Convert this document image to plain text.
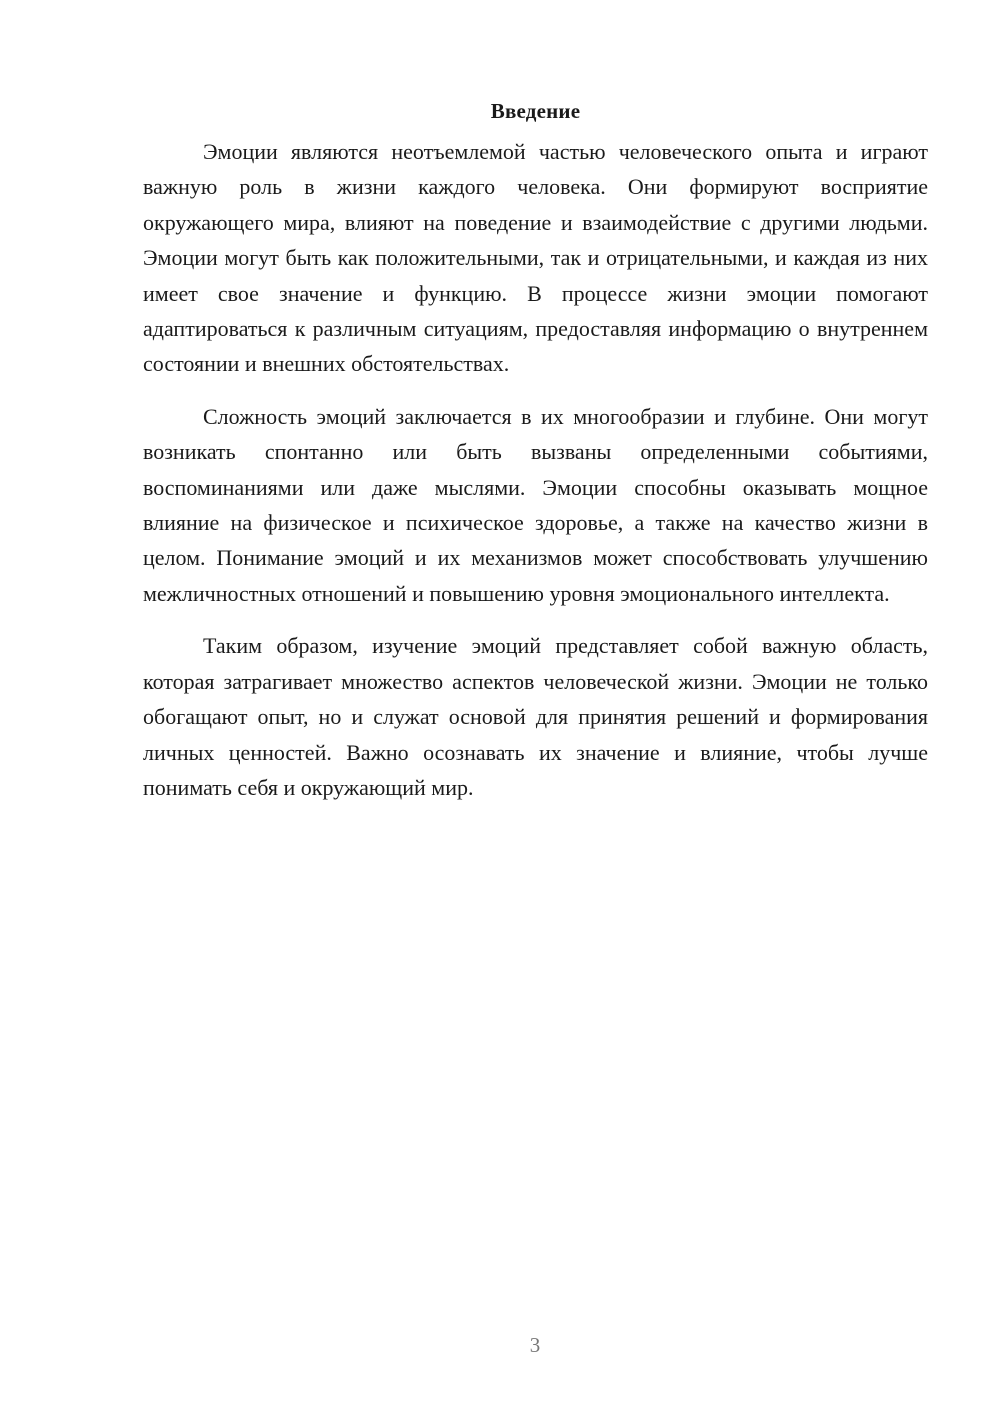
Введение

Эмоции являются неотъемлемой частью человеческого опыта и играют важную роль в жизни каждого человека. Они формируют восприятие окружающего мира, влияют на поведение и взаимодействие с другими людьми. Эмоции могут быть как положительными, так и отрицательными, и каждая из них имеет свое значение и функцию. В процессе жизни эмоции помогают адаптироваться к различным ситуациям, предоставляя информацию о внутреннем состоянии и внешних обстоятельствах.

Сложность эмоций заключается в их многообразии и глубине. Они могут возникать спонтанно или быть вызваны определенными событиями, воспоминаниями или даже мыслями. Эмоции способны оказывать мощное влияние на физическое и психическое здоровье, а также на качество жизни в целом. Понимание эмоций и их механизмов может способствовать улучшению межличностных отношений и повышению уровня эмоционального интеллекта.

Таким образом, изучение эмоций представляет собой важную область, которая затрагивает множество аспектов человеческой жизни. Эмоции не только обогащают опыт, но и служат основой для принятия решений и формирования личных ценностей. Важно осознавать их значение и влияние, чтобы лучше понимать себя и окружающий мир.

3
